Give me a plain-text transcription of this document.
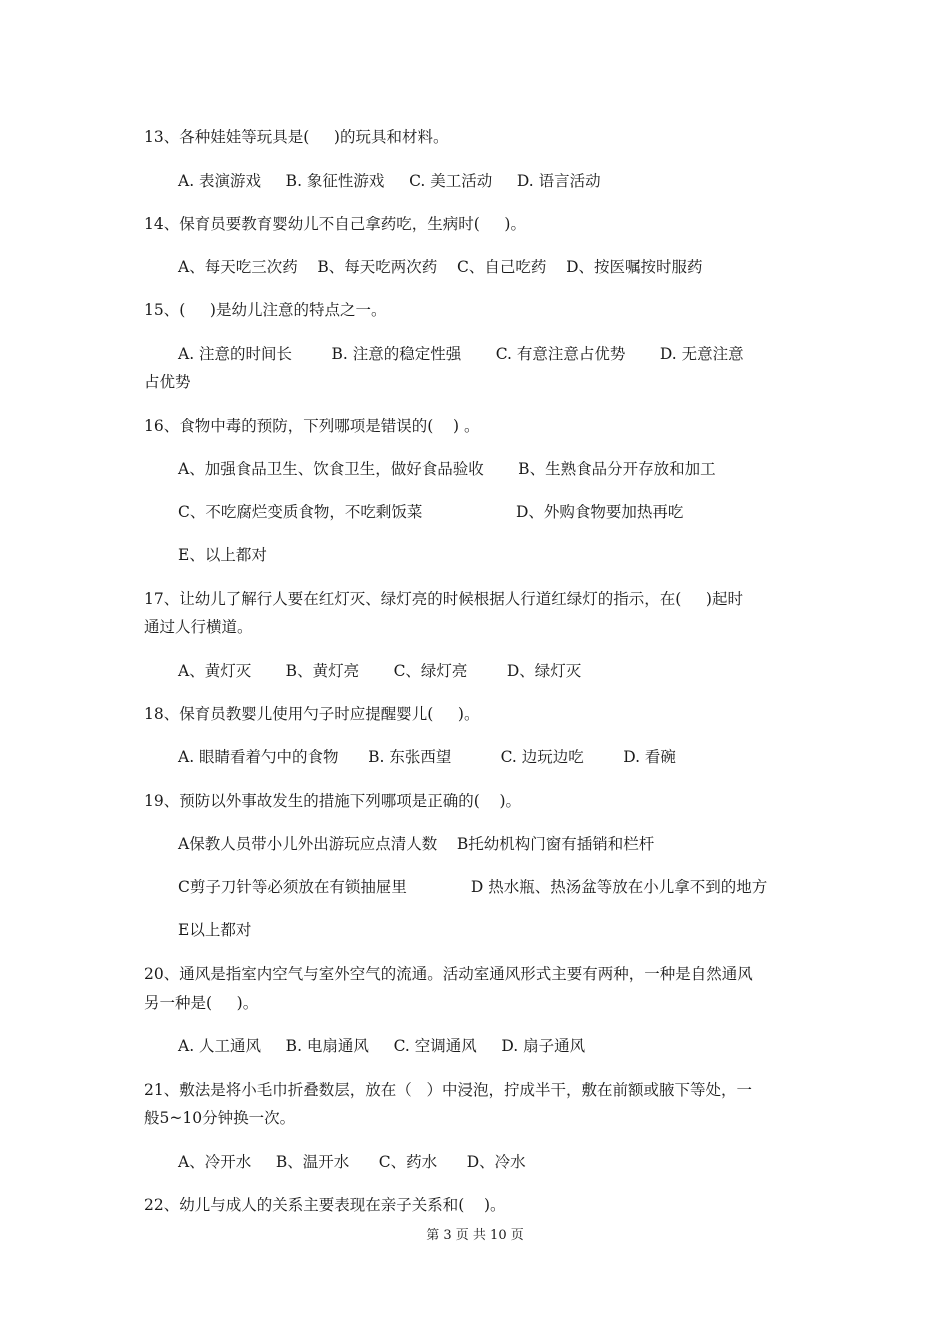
13、各种娃娃等玩具是(     )的玩具和材料。

A. 表演游戏     B. 象征性游戏     C. 美工活动     D. 语言活动

14、保育员要教育婴幼儿不自己拿药吃，生病时(     )。

A、每天吃三次药    B、每天吃两次药    C、自己吃药    D、按医嘱按时服药

15、(     )是幼儿注意的特点之一。

A. 注意的时间长        B. 注意的稳定性强       C. 有意注意占优势       D. 无意注意

占优势

16、食物中毒的预防，下列哪项是错误的(    ) 。

A、加强食品卫生、饮食卫生，做好食品验收       B、生熟食品分开存放和加工

C、不吃腐烂变质食物，不吃剩饭菜                   D、外购食物要加热再吃

E、以上都对

17、让幼儿了解行人要在红灯灭、绿灯亮的时候根据人行道红绿灯的指示，在(     )起时

通过人行横道。

A、黄灯灭       B、黄灯亮       C、绿灯亮        D、绿灯灭

18、保育员教婴儿使用勺子时应提醒婴儿(     )。

A. 眼睛看着勺中的食物      B. 东张西望          C. 边玩边吃        D. 看碗

19、预防以外事故发生的措施下列哪项是正确的(    )。

A保教人员带小儿外出游玩应点清人数    B托幼机构门窗有插销和栏杆

C剪子刀针等必须放在有锁抽屉里             D 热水瓶、热汤盆等放在小儿拿不到的地方

E以上都对

20、通风是指室内空气与室外空气的流通。活动室通风形式主要有两种，一种是自然通风

另一种是(     )。

A. 人工通风     B. 电扇通风     C. 空调通风     D. 扇子通风

21、敷法是将小毛巾折叠数层，放在（   ）中浸泡，拧成半干，敷在前额或腋下等处，一

般5~10分钟换一次。

A、冷开水     B、温开水      C、药水      D、冷水

22、幼儿与成人的关系主要表现在亲子关系和(    )。

第 3 页 共 10 页
